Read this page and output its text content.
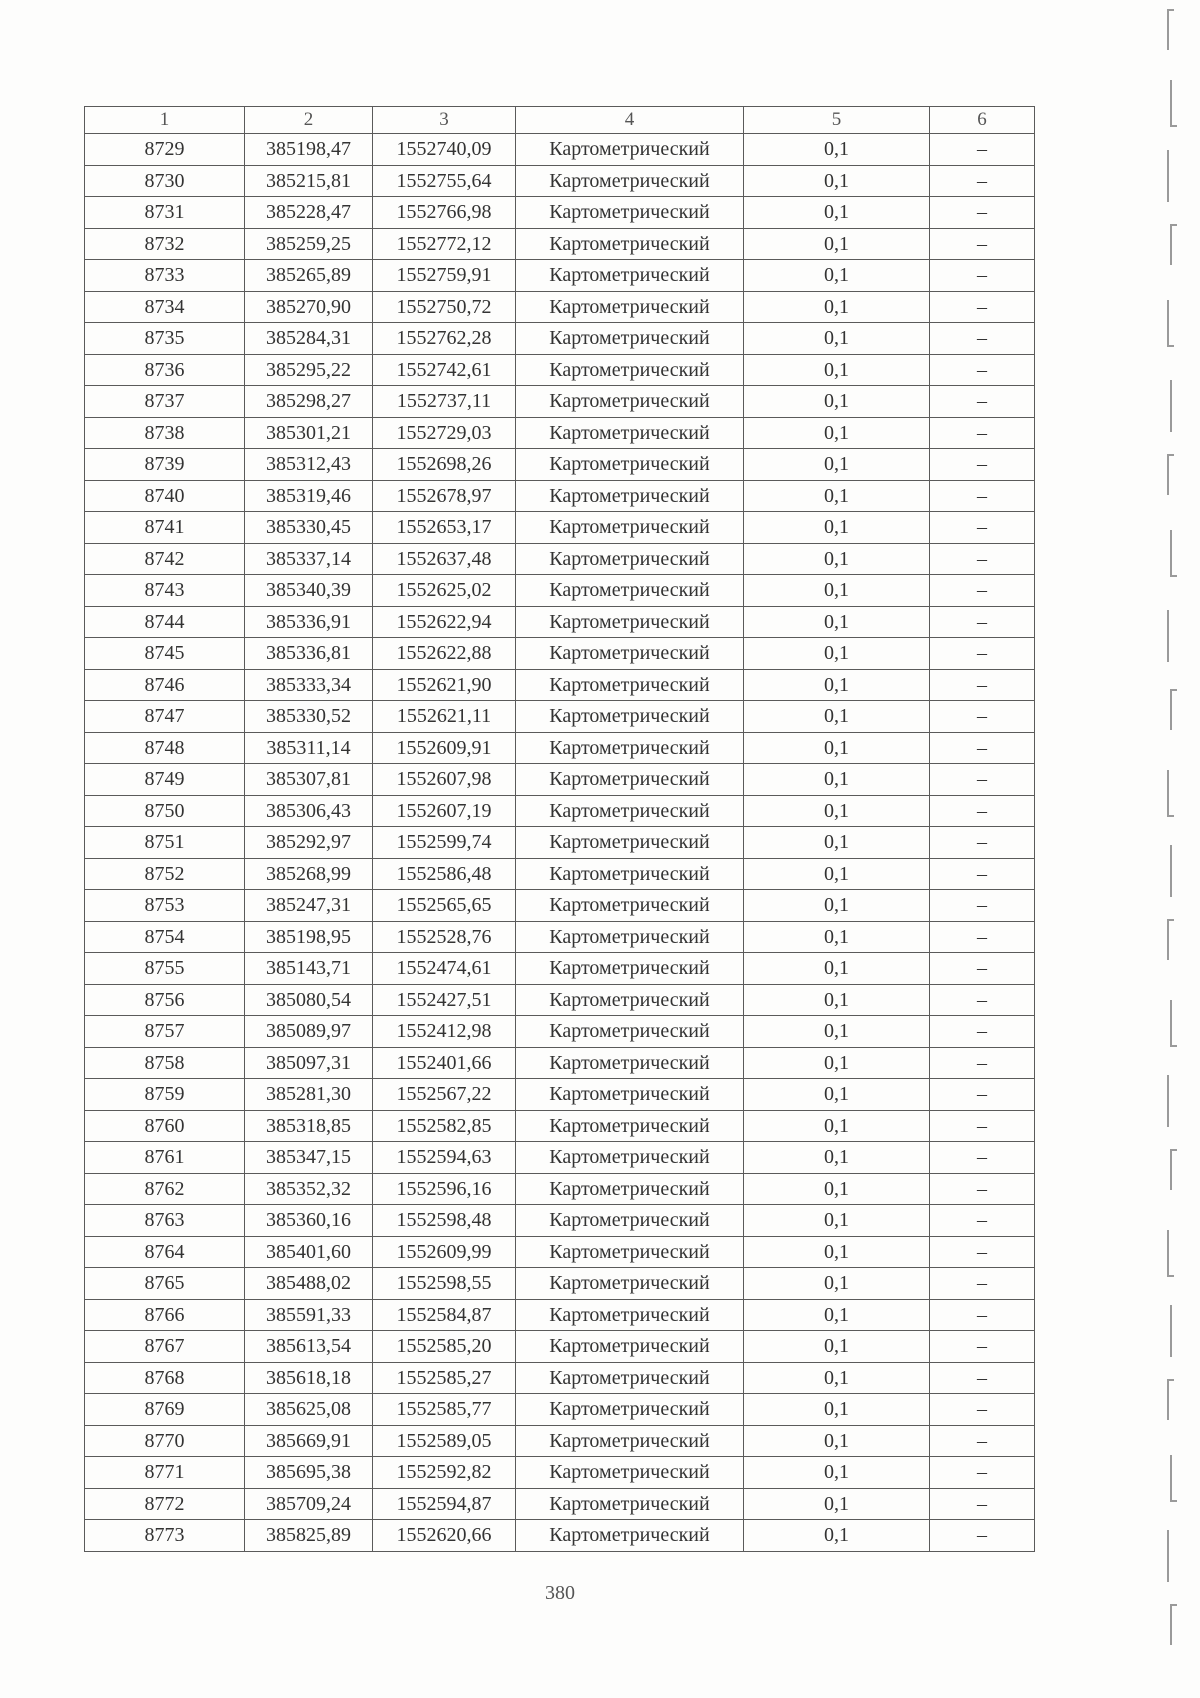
1	2	3	4	5	6
8729	385198,47	1552740,09	Картометрический	0,1	–
8730	385215,81	1552755,64	Картометрический	0,1	–
8731	385228,47	1552766,98	Картометрический	0,1	–
8732	385259,25	1552772,12	Картометрический	0,1	–
8733	385265,89	1552759,91	Картометрический	0,1	–
8734	385270,90	1552750,72	Картометрический	0,1	–
8735	385284,31	1552762,28	Картометрический	0,1	–
8736	385295,22	1552742,61	Картометрический	0,1	–
8737	385298,27	1552737,11	Картометрический	0,1	–
8738	385301,21	1552729,03	Картометрический	0,1	–
8739	385312,43	1552698,26	Картометрический	0,1	–
8740	385319,46	1552678,97	Картометрический	0,1	–
8741	385330,45	1552653,17	Картометрический	0,1	–
8742	385337,14	1552637,48	Картометрический	0,1	–
8743	385340,39	1552625,02	Картометрический	0,1	–
8744	385336,91	1552622,94	Картометрический	0,1	–
8745	385336,81	1552622,88	Картометрический	0,1	–
8746	385333,34	1552621,90	Картометрический	0,1	–
8747	385330,52	1552621,11	Картометрический	0,1	–
8748	385311,14	1552609,91	Картометрический	0,1	–
8749	385307,81	1552607,98	Картометрический	0,1	–
8750	385306,43	1552607,19	Картометрический	0,1	–
8751	385292,97	1552599,74	Картометрический	0,1	–
8752	385268,99	1552586,48	Картометрический	0,1	–
8753	385247,31	1552565,65	Картометрический	0,1	–
8754	385198,95	1552528,76	Картометрический	0,1	–
8755	385143,71	1552474,61	Картометрический	0,1	–
8756	385080,54	1552427,51	Картометрический	0,1	–
8757	385089,97	1552412,98	Картометрический	0,1	–
8758	385097,31	1552401,66	Картометрический	0,1	–
8759	385281,30	1552567,22	Картометрический	0,1	–
8760	385318,85	1552582,85	Картометрический	0,1	–
8761	385347,15	1552594,63	Картометрический	0,1	–
8762	385352,32	1552596,16	Картометрический	0,1	–
8763	385360,16	1552598,48	Картометрический	0,1	–
8764	385401,60	1552609,99	Картометрический	0,1	–
8765	385488,02	1552598,55	Картометрический	0,1	–
8766	385591,33	1552584,87	Картометрический	0,1	–
8767	385613,54	1552585,20	Картометрический	0,1	–
8768	385618,18	1552585,27	Картометрический	0,1	–
8769	385625,08	1552585,77	Картометрический	0,1	–
8770	385669,91	1552589,05	Картометрический	0,1	–
8771	385695,38	1552592,82	Картометрический	0,1	–
8772	385709,24	1552594,87	Картометрический	0,1	–
8773	385825,89	1552620,66	Картометрический	0,1	–
380
